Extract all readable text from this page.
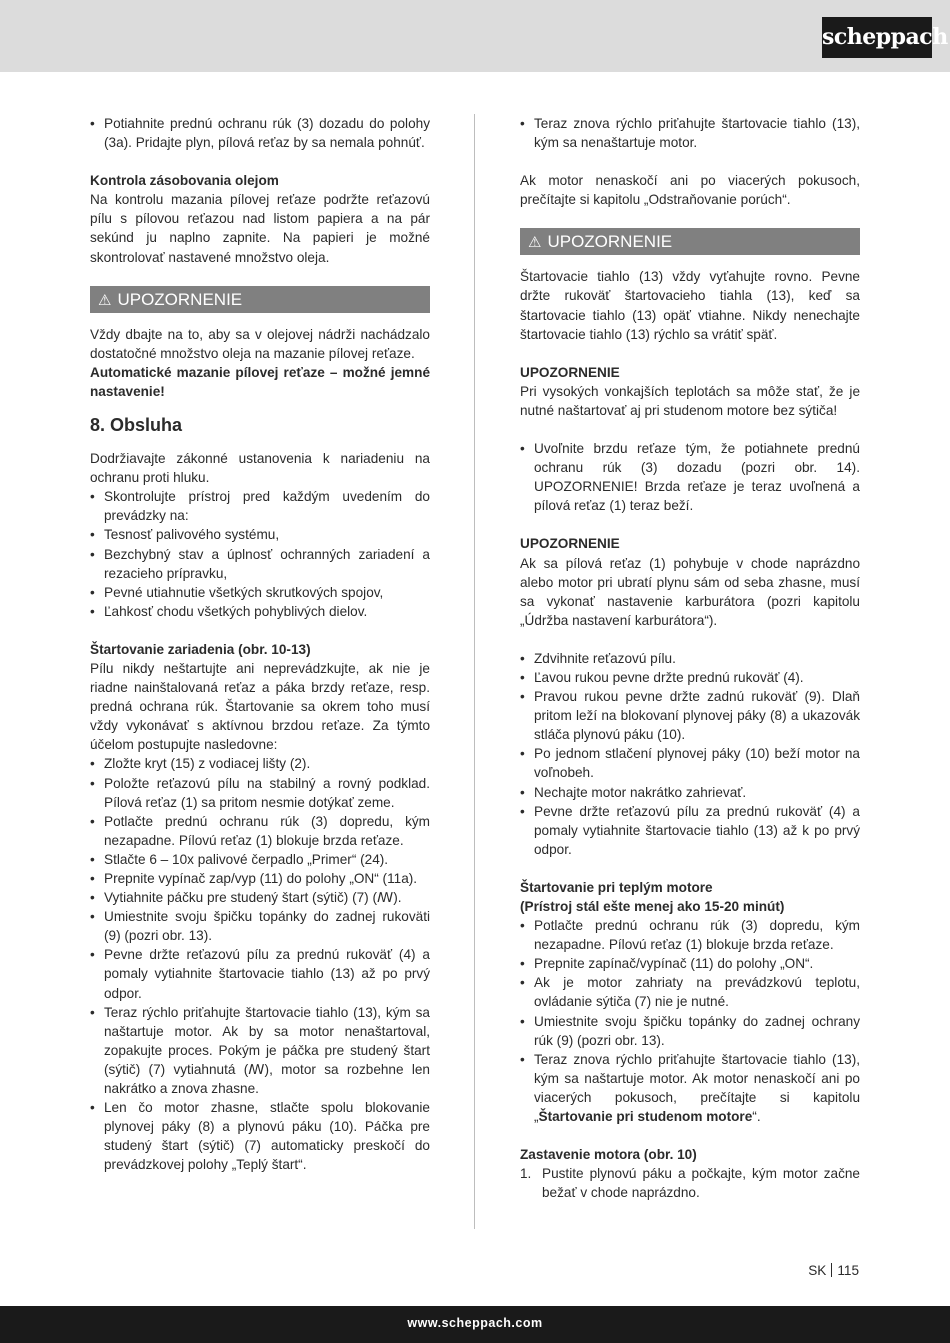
scheppach
• Potiahnite prednú ochranu rúk (3) dozadu do polohy (3a). Pridajte plyn, pílová reťaz by sa nemala pohnúť.

Kontrola zásobovania olejom

Na kontrolu mazania pílovej reťaze podržte reťazovú pílu s pílovou reťazou nad listom papiera a na pár sekúnd ju naplno zapnite. Na papieri je možné skontrolovať nastavené množstvo oleja.

⚠ UPOZORNENIE

Vždy dbajte na to, aby sa v olejovej nádrži nachádzalo dostatočné množstvo oleja na mazanie pílovej reťaze.

Automatické mazanie pílovej reťaze – možné jemné nastavenie!

8. Obsluha

Dodržiavajte zákonné ustanovenia k nariadeniu na ochranu proti hluku.

• Skontrolujte prístroj pred každým uvedením do prevádzky na:
• Tesnosť palivového systému,
• Bezchybný stav a úplnosť ochranných zariadení a rezacieho prípravku,
• Pevné utiahnutie všetkých skrutkových spojov,
• Ľahkosť chodu všetkých pohyblivých dielov.

Štartovanie zariadenia (obr. 10-13)

Pílu nikdy neštartujte ani neprevádzkujte, ak nie je riadne nainštalovaná reťaz a páka brzdy reťaze, resp. predná ochrana rúk. Štartovanie sa okrem toho musí vždy vykonávať s aktívnou brzdou reťaze. Za týmto účelom postupujte nasledovne:

• Zložte kryt (15) z vodiacej lišty (2).
• Položte reťazovú pílu na stabilný a rovný podklad. Pílová reťaz (1) sa pritom nesmie dotýkať zeme.
• Potlačte prednú ochranu rúk (3) dopredu, kým nezapadne. Pílovú reťaz (1) blokuje brzda reťaze.
• Stlačte 6 – 10x palivové čerpadlo „Primer“ (24).
• Prepnite vypínač zap/vyp (11) do polohy „ON“ (11a).
• Vytiahnite páčku pre studený štart (sýtič) (7) (ꟿ).
• Umiestnite svoju špičku topánky do zadnej rukoväti (9) (pozri obr. 13).
• Pevne držte reťazovú pílu za prednú rukoväť (4) a pomaly vytiahnite štartovacie tiahlo (13) až po prvý odpor.
• Teraz rýchlo priťahujte štartovacie tiahlo (13), kým sa naštartuje motor. Ak by sa motor nenaštartoval, zopakujte proces. Pokým je páčka pre studený štart (sýtič) (7) vytiahnutá (ꟿ), motor sa rozbehne len nakrátko a znova zhasne.
• Len čo motor zhasne, stlačte spolu blokovanie plynovej páky (8) a plynovú páku (10). Páčka pre studený štart (sýtič) (7) automaticky preskočí do prevádzkovej polohy „Teplý štart“.
• Teraz znova rýchlo priťahujte štartovacie tiahlo (13), kým sa nenaštartuje motor.

Ak motor nenaskočí ani po viacerých pokusoch, prečítajte si kapitolu „Odstraňovanie porúch“.

⚠ UPOZORNENIE

Štartovacie tiahlo (13) vždy vyťahujte rovno. Pevne držte rukoväť štartovacieho tiahla (13), keď sa štartovacie tiahlo (13) opäť vtiahne. Nikdy nenechajte štartovacie tiahlo (13) rýchlo sa vrátiť späť.

UPOZORNENIE

Pri vysokých vonkajších teplotách sa môže stať, že je nutné naštartovať aj pri studenom motore bez sýtiča!

• Uvoľnite brzdu reťaze tým, že potiahnete prednú ochranu rúk (3) dozadu (pozri obr. 14). UPOZORNENIE! Brzda reťaze je teraz uvoľnená a pílová reťaz (1) teraz beží.

UPOZORNENIE

Ak sa pílová reťaz (1) pohybuje v chode naprázdno alebo motor pri ubratí plynu sám od seba zhasne, musí sa vykonať nastavenie karburátora (pozri kapitolu „Údržba nastavení karburátora“).

• Zdvihnite reťazovú pílu.
• Ľavou rukou pevne držte prednú rukoväť (4).
• Pravou rukou pevne držte zadnú rukoväť (9). Dlaň pritom leží na blokovaní plynovej páky (8) a ukazovák stláča plynovú páku (10).
• Po jednom stlačení plynovej páky (10) beží motor na voľnobeh.
• Nechajte motor nakrátko zahrievať.
• Pevne držte reťazovú pílu za prednú rukoväť (4) a pomaly vytiahnite štartovacie tiahlo (13) až k po prvý odpor.

Štartovanie pri teplým motore

(Prístroj stál ešte menej ako 15-20 minút)

• Potlačte prednú ochranu rúk (3) dopredu, kým nezapadne. Pílovú reťaz (1) blokuje brzda reťaze.
• Prepnite zapínač/vypínač (11) do polohy „ON“.
• Ak je motor zahriaty na prevádzkovú teplotu, ovládanie sýtiča (7) nie je nutné.
• Umiestnite svoju špičku topánky do zadnej ochrany rúk (9) (pozri obr. 13).
• Teraz znova rýchlo priťahujte štartovacie tiahlo (13), kým sa naštartuje motor. Ak motor nenaskočí ani po viacerých pokusoch, prečítajte si kapitolu „Štartovanie pri studenom motore“.

Zastavenie motora (obr. 10)

1. Pustite plynovú páku a počkajte, kým motor začne bežať v chode naprázdno.
SK 115
www.scheppach.com
